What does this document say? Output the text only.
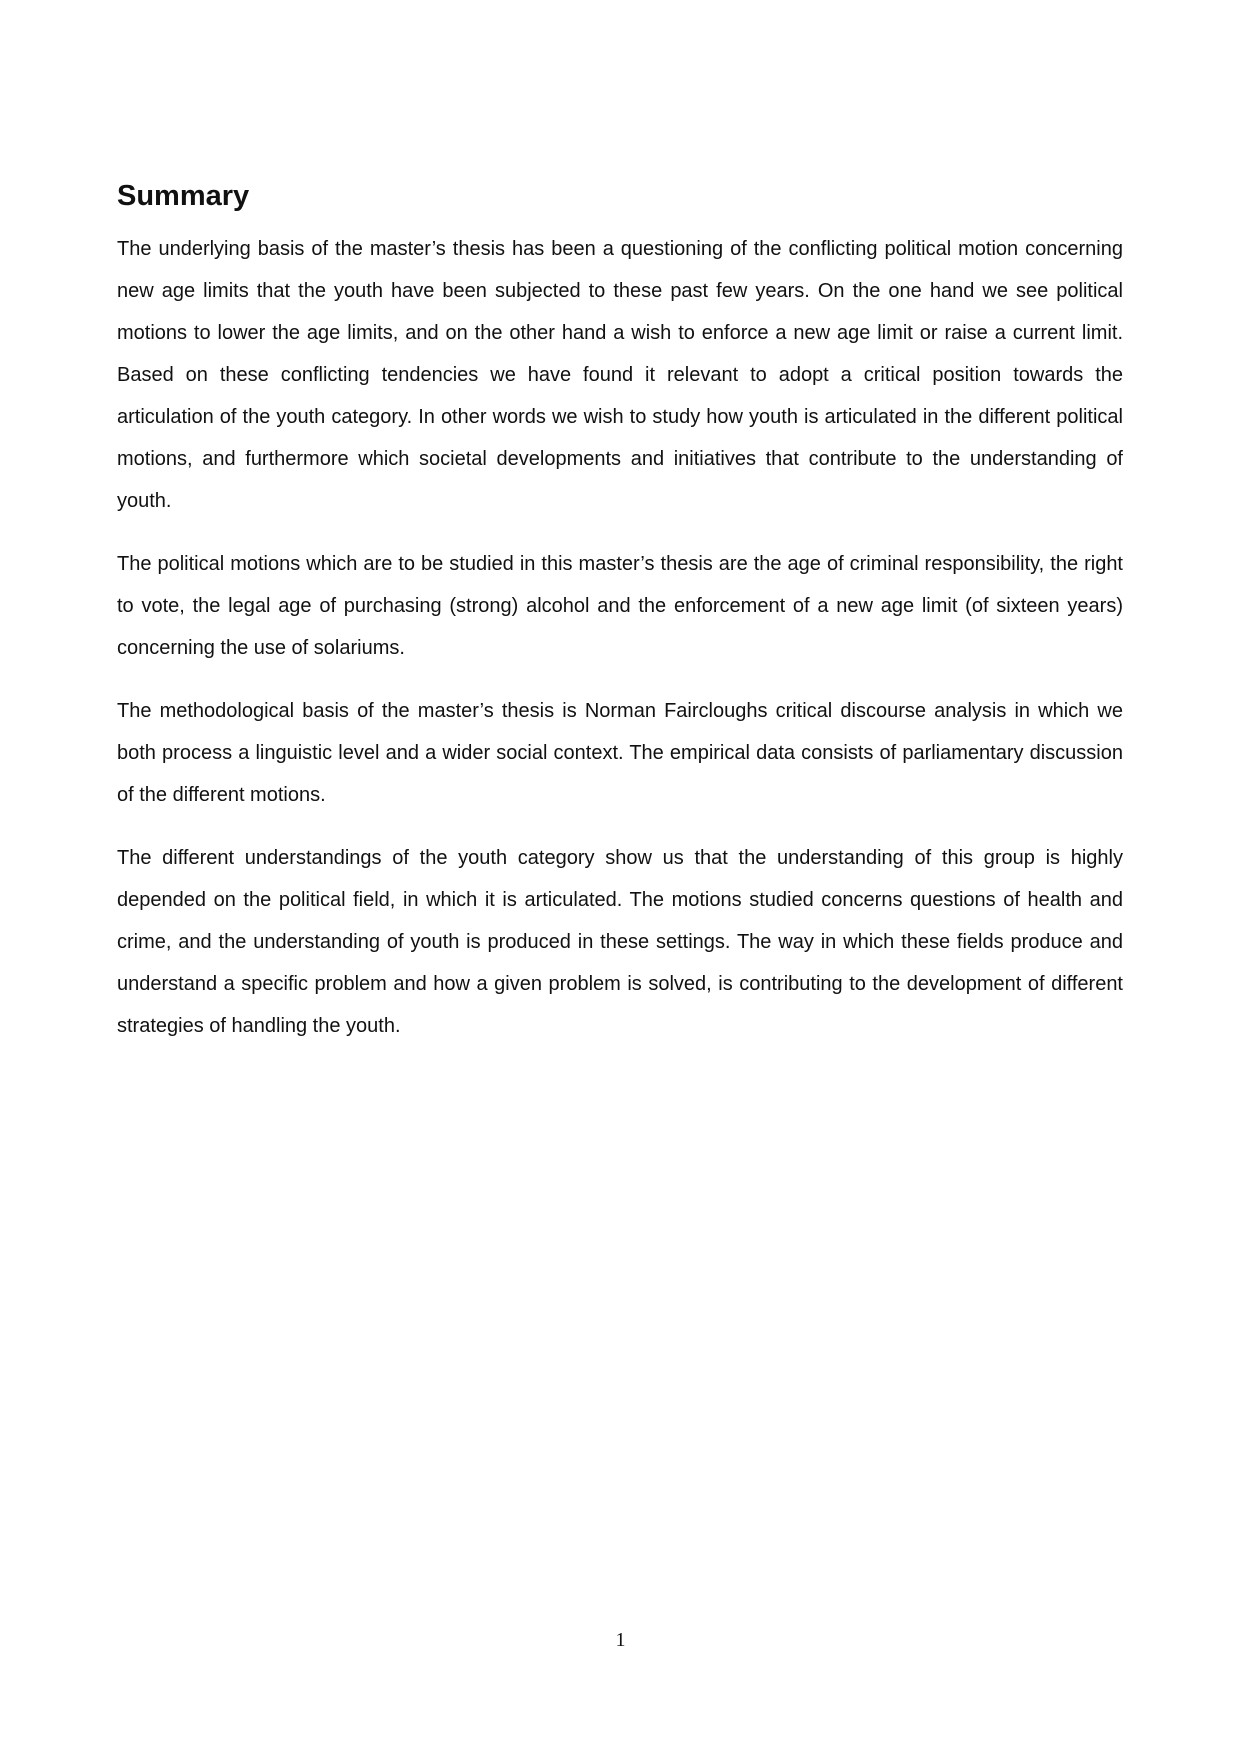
Summary

The underlying basis of the master’s thesis has been a questioning of the conflicting political motion concerning new age limits that the youth have been subjected to these past few years. On the one hand we see political motions to lower the age limits, and on the other hand a wish to enforce a new age limit or raise a current limit. Based on these conflicting tendencies we have found it relevant to adopt a critical position towards the articulation of the youth category. In other words we wish to study how youth is articulated in the different political motions, and furthermore which societal developments and initiatives that contribute to the understanding of youth.

The political motions which are to be studied in this master’s thesis are the age of criminal responsibility, the right to vote, the legal age of purchasing (strong) alcohol and the enforcement of a new age limit (of sixteen years) concerning the use of solariums.

The methodological basis of the master’s thesis is Norman Faircloughs critical discourse analysis in which we both process a linguistic level and a wider social context. The empirical data consists of parliamentary discussion of the different motions.

The different understandings of the youth category show us that the understanding of this group is highly depended on the political field, in which it is articulated. The motions studied concerns questions of health and crime, and the understanding of youth is produced in these settings. The way in which these fields produce and understand a specific problem and how a given problem is solved, is contributing to the development of different strategies of handling the youth.

1
